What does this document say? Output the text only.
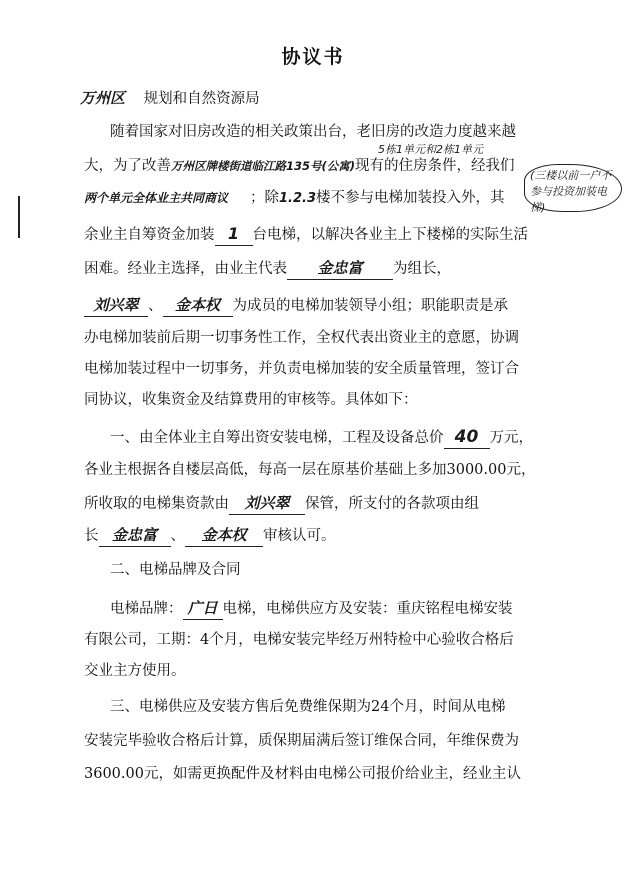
协议书
万州区 规划和自然资源局
随着国家对旧房改造的相关政策出台，老旧房的改造力度越来越
5栋1单元和2栋1单元
大，为了改善万州区牌楼街道临江路135号(公寓)现有的住房条件，经我们
(三楼以前一户不参与投资加装电梯)
两个单元全体业主共同商议 ；除1.2.3楼不参与电梯加装投入外，其
余业主自筹资金加装 1 台电梯，以解决各业主上下楼梯的实际生活
困难。经业主选择，由业主代表 金忠富 为组长，
刘兴翠 、 金本权 为成员的电梯加装领导小组；职能职责是承
办电梯加装前后期一切事务性工作，全权代表出资业主的意愿，协调
电梯加装过程中一切事务，并负责电梯加装的安全质量管理，签订合
同协议，收集资金及结算费用的审核等。具体如下：
一、由全体业主自筹出资安装电梯，工程及设备总价 40 万元，
各业主根据各自楼层高低，每高一层在原基价基础上多加3000.00元，
所收取的电梯集资款由 刘兴翠 保管，所支付的各款项由组
长 金忠富 、 金本权 审核认可。
二、电梯品牌及合同
电梯品牌： 广日 电梯，电梯供应方及安装：重庆铭程电梯安装
有限公司，工期：4个月，电梯安装完毕经万州特检中心验收合格后
交业主方使用。
三、电梯供应及安装方售后免费维保期为24个月，时间从电梯
安装完毕验收合格后计算，质保期届满后签订维保合同，年维保费为
3600.00元，如需更换配件及材料由电梯公司报价给业主，经业主认
